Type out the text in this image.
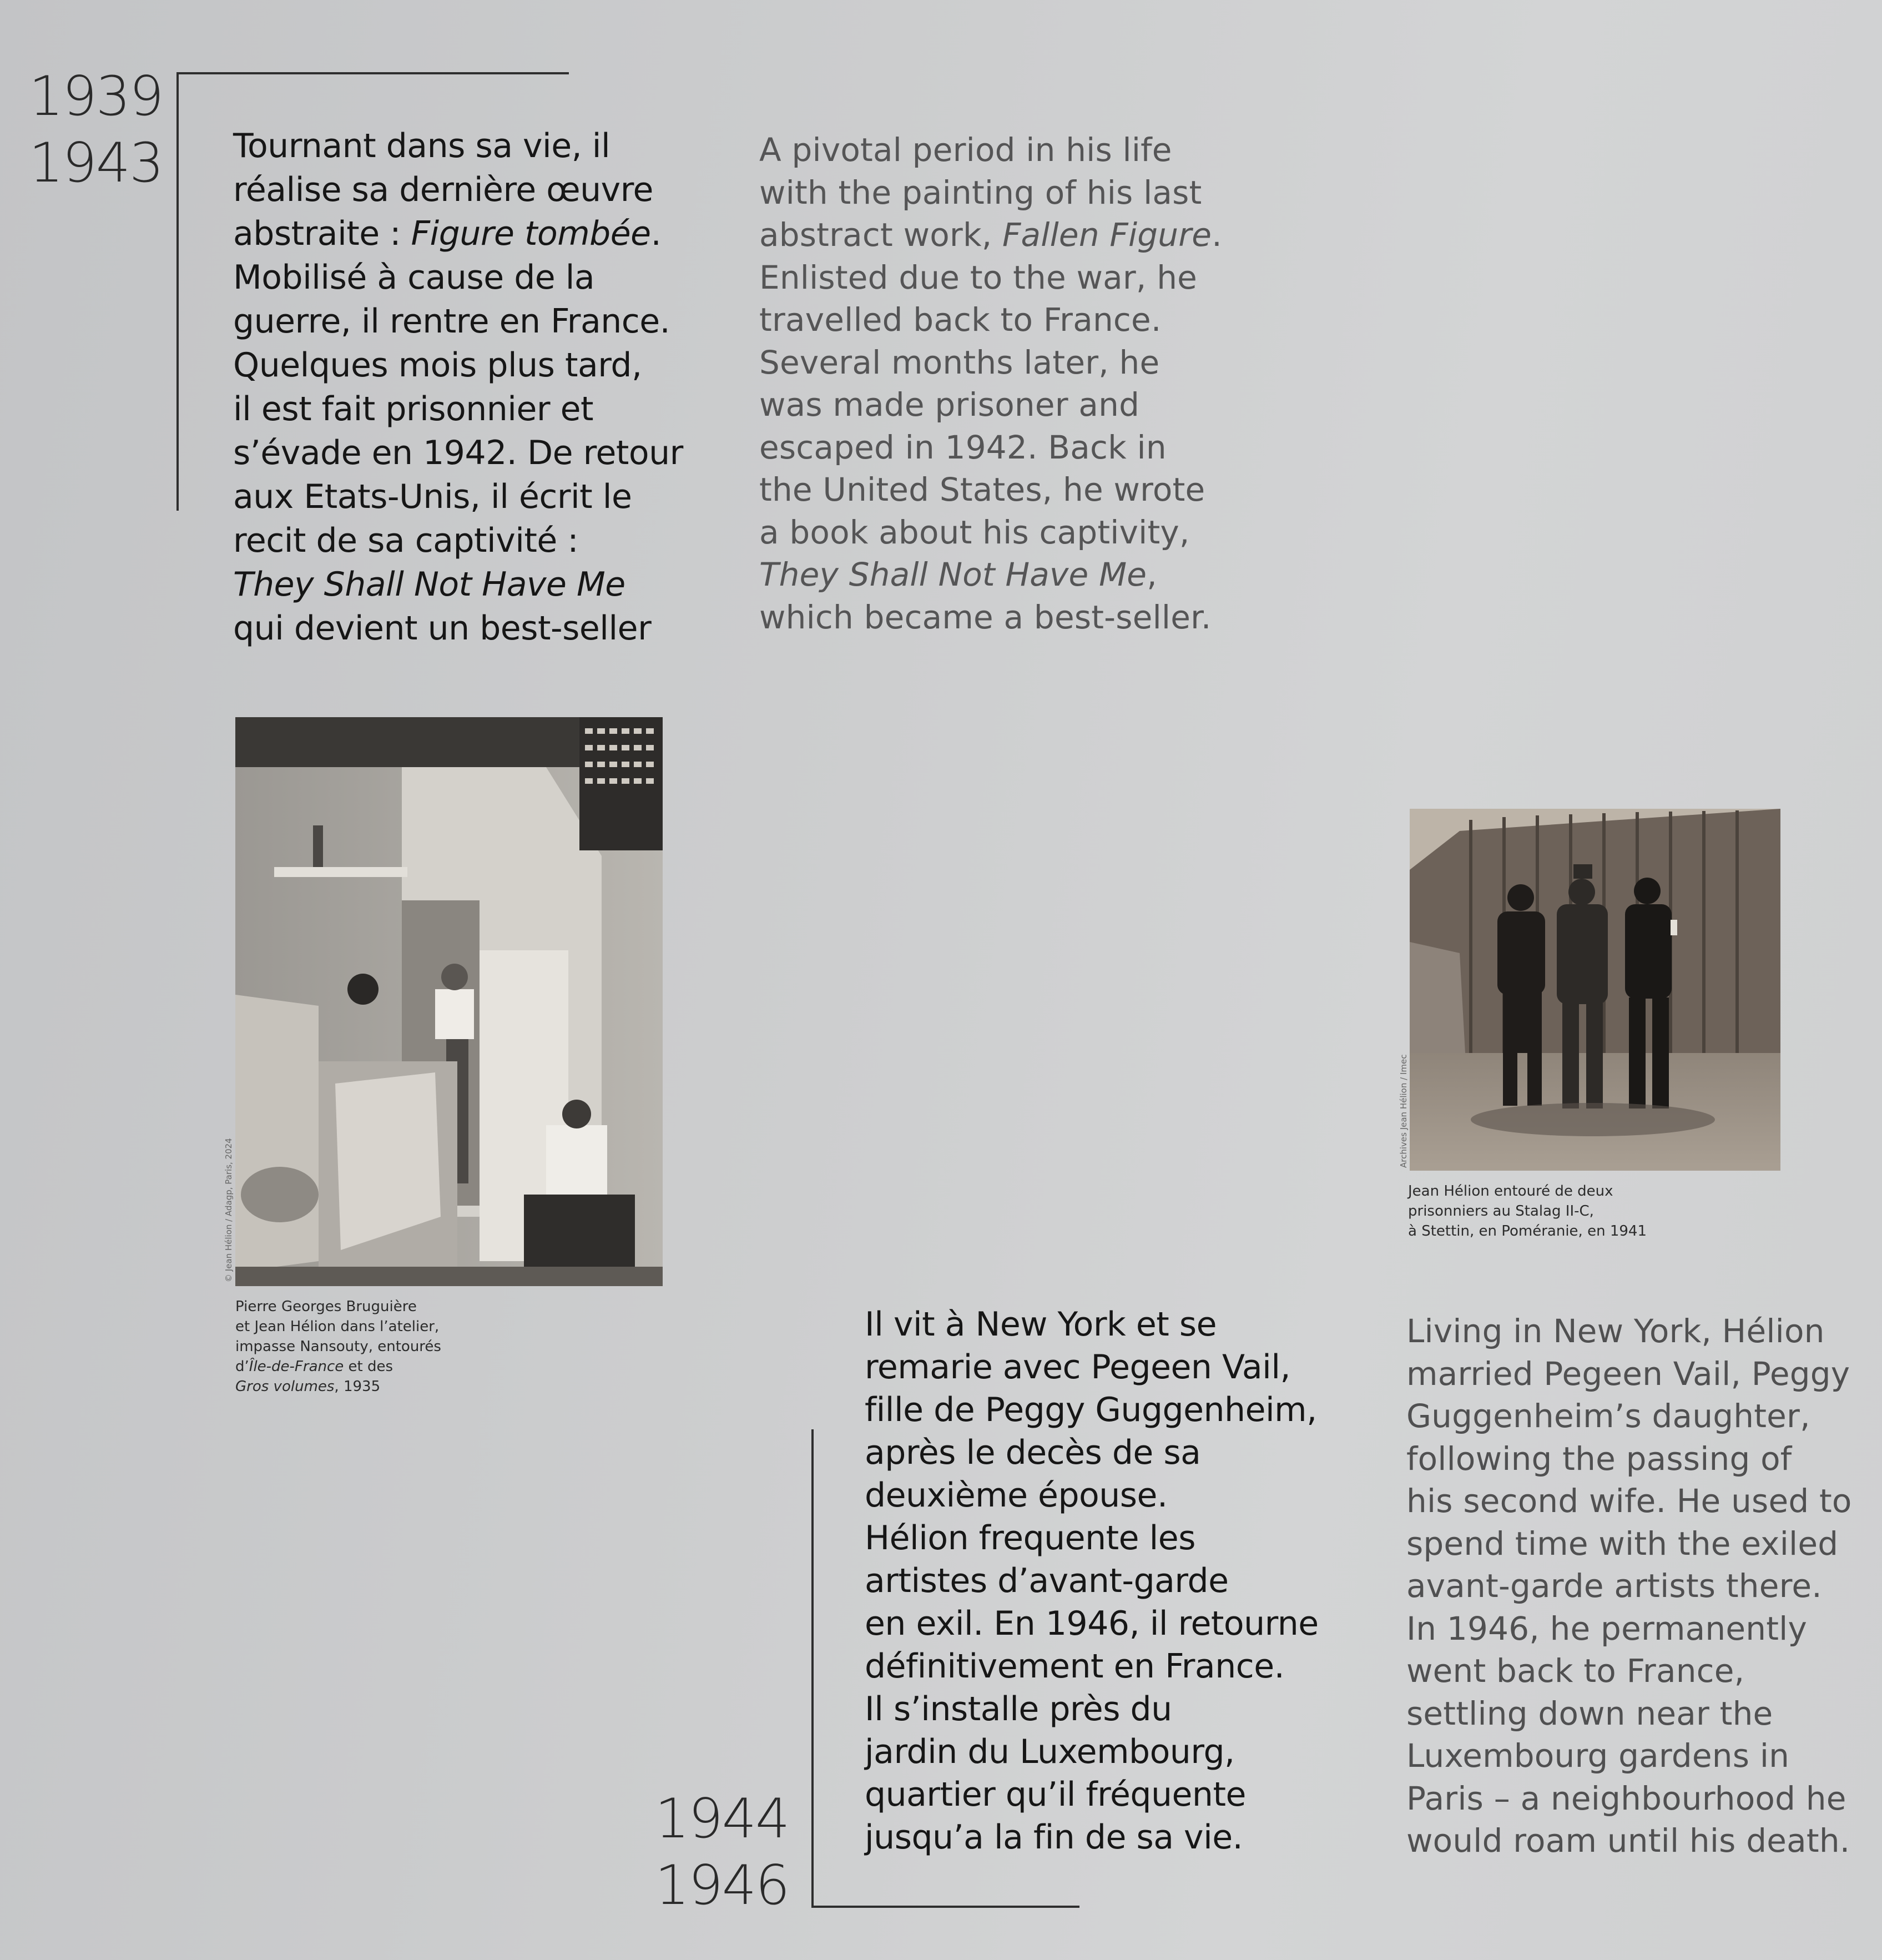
1939
1943 Tournant dans sa vie, il
réalise sa dernière œuvre
abstraite : Figure tombée.
Mobilisé à cause de la
guerre, il rentre en France.
Quelques mois plus tard,
il est fait prisonnier et
s’évade en 1942. De retour
aux Etats-Unis, il écrit le
recit de sa captivité :
They Shall Not Have Me
qui devient un best-seller
A pivotal period in his life
with the painting of his last
abstract work, Fallen Figure.
Enlisted due to the war, he
travelled back to France.
Several months later, he
was made prisoner and
escaped in 1942. Back in
the United States, he wrote
a book about his captivity,
They Shall Not Have Me,
which became a best-seller.
© Jean Hélion / Adagp, Paris, 2024
Pierre Georges Bruguière
et Jean Hélion dans l’atelier,
impasse Nansouty, entourés
d’Île-de-France et des
Gros volumes, 1935
Archives Jean Hélion / Imec
Jean Hélion entouré de deux
prisonniers au Stalag II-C,
à Stettin, en Poméranie, en 1941
Il vit à New York et se
remarie avec Pegeen Vail,
fille de Peggy Guggenheim,
après le decès de sa
deuxième épouse.
Hélion frequente les
artistes d’avant-garde
en exil. En 1946, il retourne
définitivement en France.
Il s’installe près du
jardin du Luxembourg,
quartier qu’il fréquente
jusqu’a la fin de sa vie.
Living in New York, Hélion
married Pegeen Vail, Peggy
Guggenheim’s daughter,
following the passing of
his second wife. He used to
spend time with the exiled
avant-garde artists there.
In 1946, he permanently
went back to France,
settling down near the
Luxembourg gardens in
Paris – a neighbourhood he
would roam until his death.
1944
1946
